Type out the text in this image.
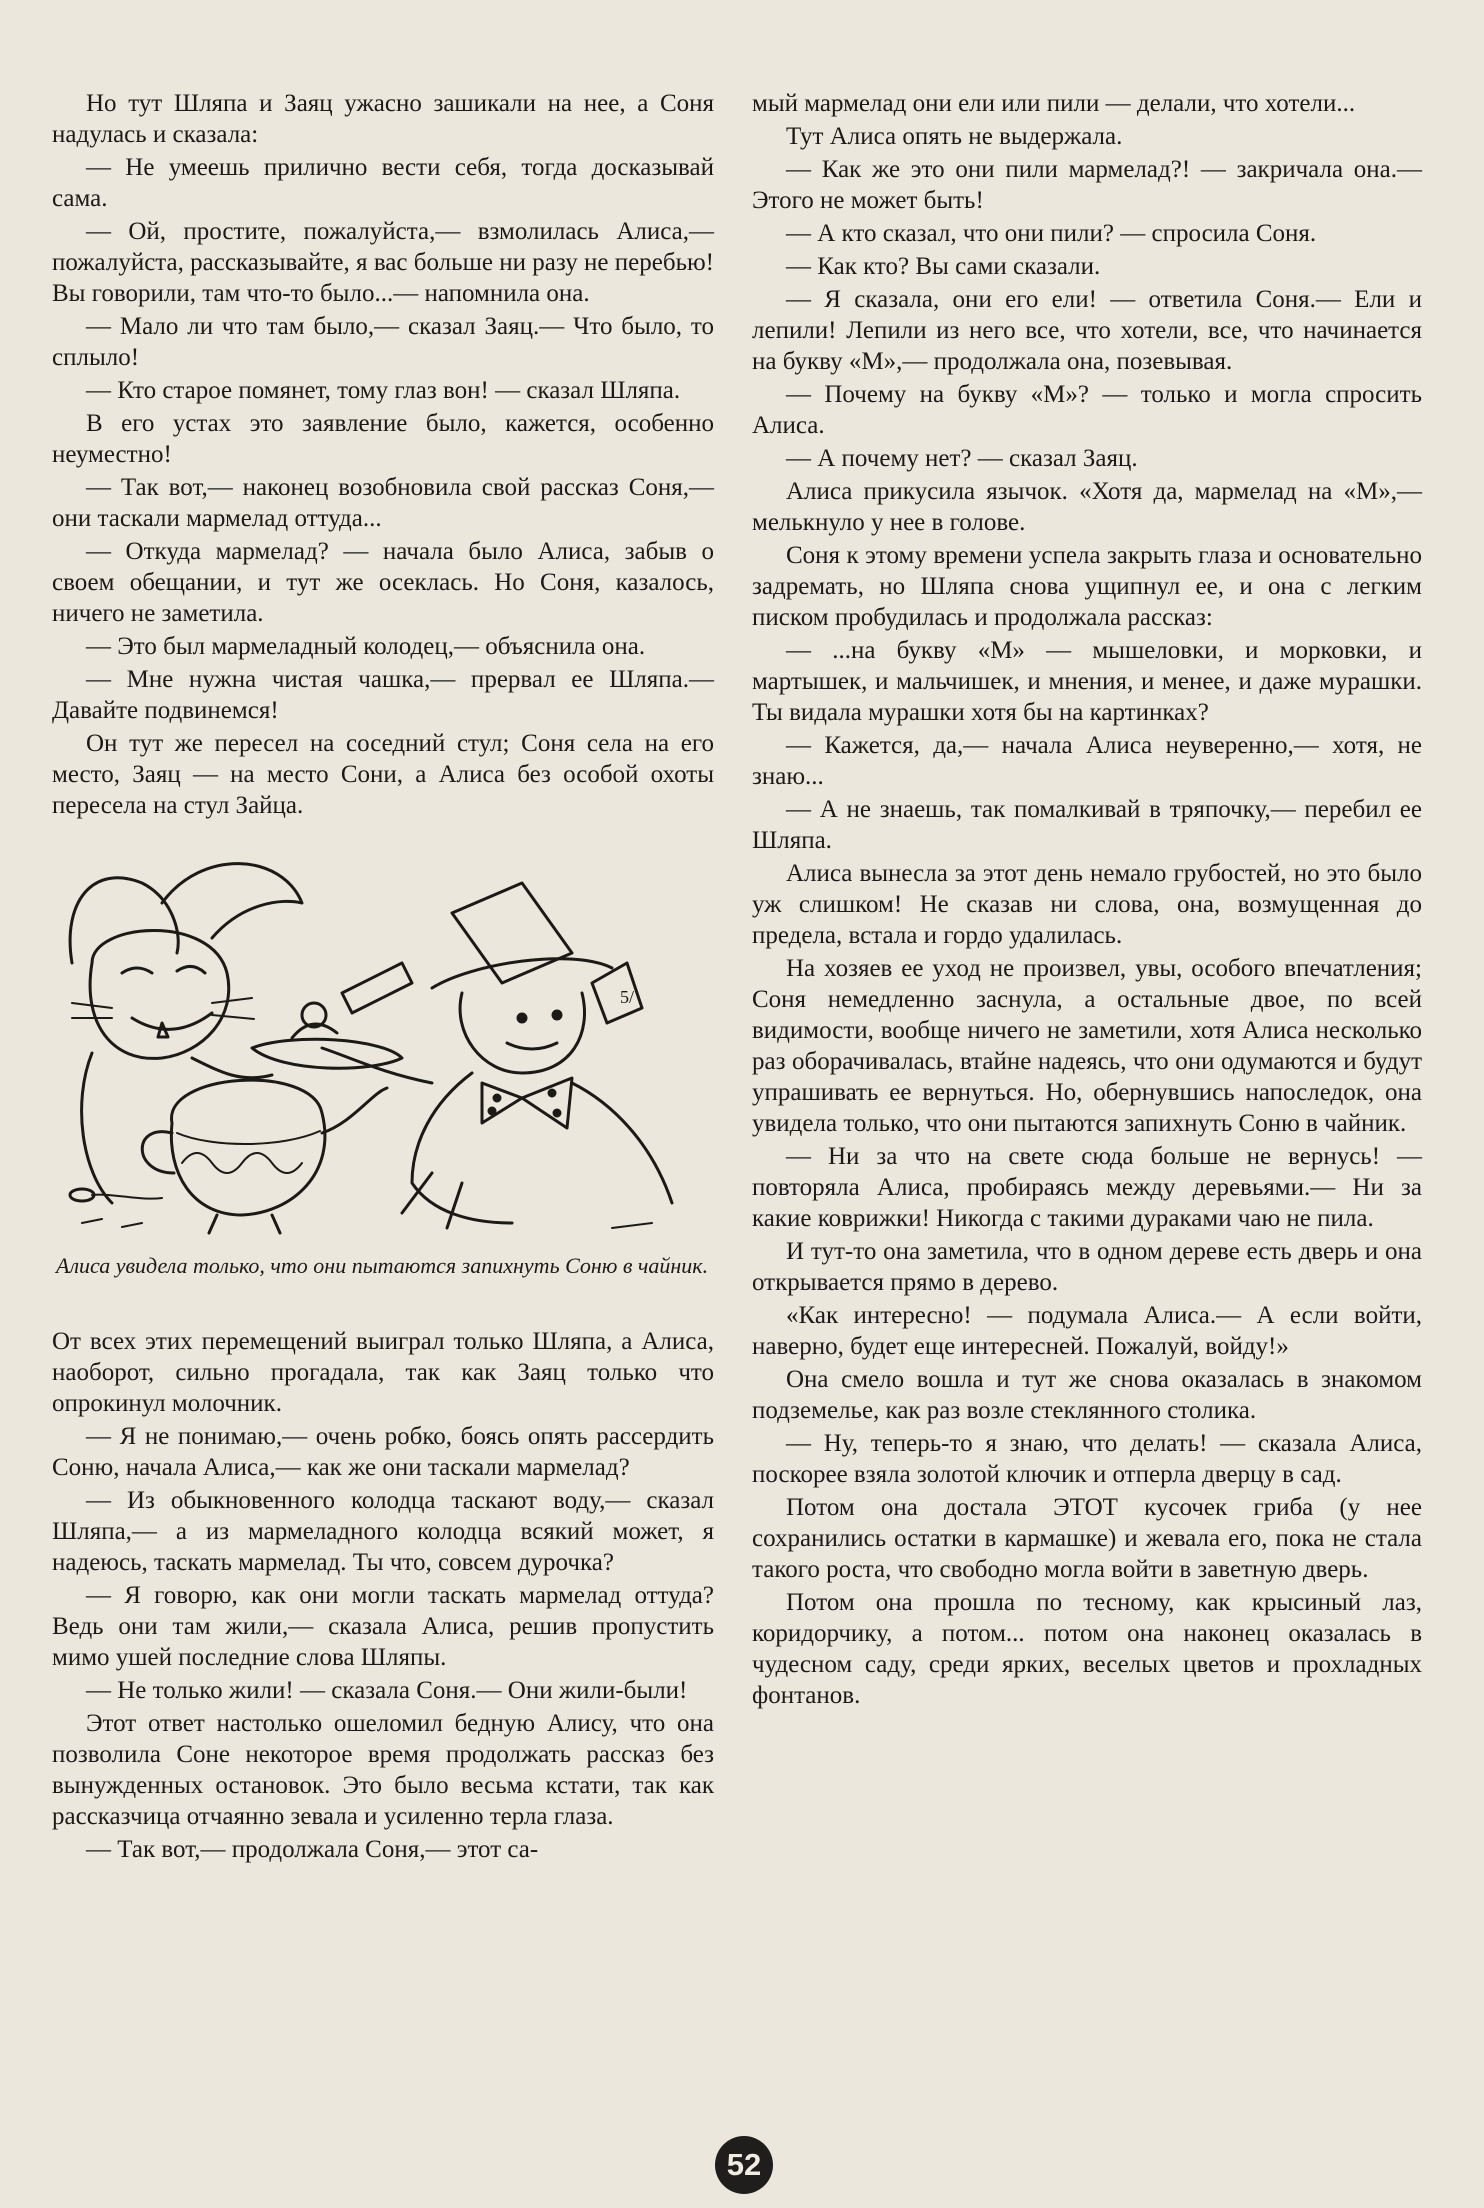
Но тут Шляпа и Заяц ужасно зашикали на нее, а Соня надулась и сказала:

— Не умеешь прилично вести себя, тогда досказывай сама.

— Ой, простите, пожалуйста,— взмолилась Алиса,— пожалуйста, рассказывайте, я вас больше ни разу не перебью! Вы говорили, там что-то было...— напомнила она.

— Мало ли что там было,— сказал Заяц.— Что было, то сплыло!

— Кто старое помянет, тому глаз вон! — сказал Шляпа.

В его устах это заявление было, кажется, особенно неуместно!

— Так вот,— наконец возобновила свой рассказ Соня,— они таскали мармелад оттуда...

— Откуда мармелад? — начала было Алиса, забыв о своем обещании, и тут же осеклась. Но Соня, казалось, ничего не заметила.

— Это был мармеладный колодец,— объяснила она.

— Мне нужна чистая чашка,— прервал ее Шляпа.— Давайте подвинемся!

Он тут же пересел на соседний стул; Соня села на его место, Заяц — на место Сони, а Алиса без особой охоты пересела на стул Зайца.

5/
Алиса увидела только, что они пытаются запихнуть Соню в чайник.

От всех этих перемещений выиграл только Шляпа, а Алиса, наоборот, сильно прогадала, так как Заяц только что опрокинул молочник.

— Я не понимаю,— очень робко, боясь опять рассердить Соню, начала Алиса,— как же они таскали мармелад?

— Из обыкновенного колодца таскают воду,— сказал Шляпа,— а из мармеладного колодца всякий может, я надеюсь, таскать мармелад. Ты что, совсем дурочка?

— Я говорю, как они могли таскать мармелад оттуда? Ведь они там жили,— сказала Алиса, решив пропустить мимо ушей последние слова Шляпы.

— Не только жили! — сказала Соня.— Они жили-были!

Этот ответ настолько ошеломил бедную Алису, что она позволила Соне некоторое время продолжать рассказ без вынужденных остановок. Это было весьма кстати, так как рассказчица отчаянно зевала и усиленно терла глаза.

— Так вот,— продолжала Соня,— этот са-

мый мармелад они ели или пили — делали, что хотели...

Тут Алиса опять не выдержала.

— Как же это они пили мармелад?! — закричала она.— Этого не может быть!

— А кто сказал, что они пили? — спросила Соня.

— Как кто? Вы сами сказали.

— Я сказала, они его ели! — ответила Соня.— Ели и лепили! Лепили из него все, что хотели, все, что начинается на букву «М»,— продолжала она, позевывая.

— Почему на букву «М»? — только и могла спросить Алиса.

— А почему нет? — сказал Заяц.

Алиса прикусила язычок. «Хотя да, мармелад на «М»,— мелькнуло у нее в голове.

Соня к этому времени успела закрыть глаза и основательно задремать, но Шляпа снова ущипнул ее, и она с легким писком пробудилась и продолжала рассказ:

— ...на букву «М» — мышеловки, и морковки, и мартышек, и мальчишек, и мнения, и менее, и даже мурашки. Ты видала мурашки хотя бы на картинках?

— Кажется, да,— начала Алиса неуверенно,— хотя, не знаю...

— А не знаешь, так помалкивай в тряпочку,— перебил ее Шляпа.

Алиса вынесла за этот день немало грубостей, но это было уж слишком! Не сказав ни слова, она, возмущенная до предела, встала и гордо удалилась.

На хозяев ее уход не произвел, увы, особого впечатления; Соня немедленно заснула, а остальные двое, по всей видимости, вообще ничего не заметили, хотя Алиса несколько раз оборачивалась, втайне надеясь, что они одумаются и будут упрашивать ее вернуться. Но, обернувшись напоследок, она увидела только, что они пытаются запихнуть Соню в чайник.

— Ни за что на свете сюда больше не вернусь! — повторяла Алиса, пробираясь между деревьями.— Ни за какие коврижки! Никогда с такими дураками чаю не пила.

И тут-то она заметила, что в одном дереве есть дверь и она открывается прямо в дерево.

«Как интересно! — подумала Алиса.— А если войти, наверно, будет еще интересней. Пожалуй, войду!»

Она смело вошла и тут же снова оказалась в знакомом подземелье, как раз возле стеклянного столика.

— Ну, теперь-то я знаю, что делать! — сказала Алиса, поскорее взяла золотой ключик и отперла дверцу в сад.

Потом она достала ЭТОТ кусочек гриба (у нее сохранились остатки в кармашке) и жевала его, пока не стала такого роста, что свободно могла войти в заветную дверь.

Потом она прошла по тесному, как крысиный лаз, коридорчику, а потом... потом она наконец оказалась в чудесном саду, среди ярких, веселых цветов и прохладных фонтанов.

52
